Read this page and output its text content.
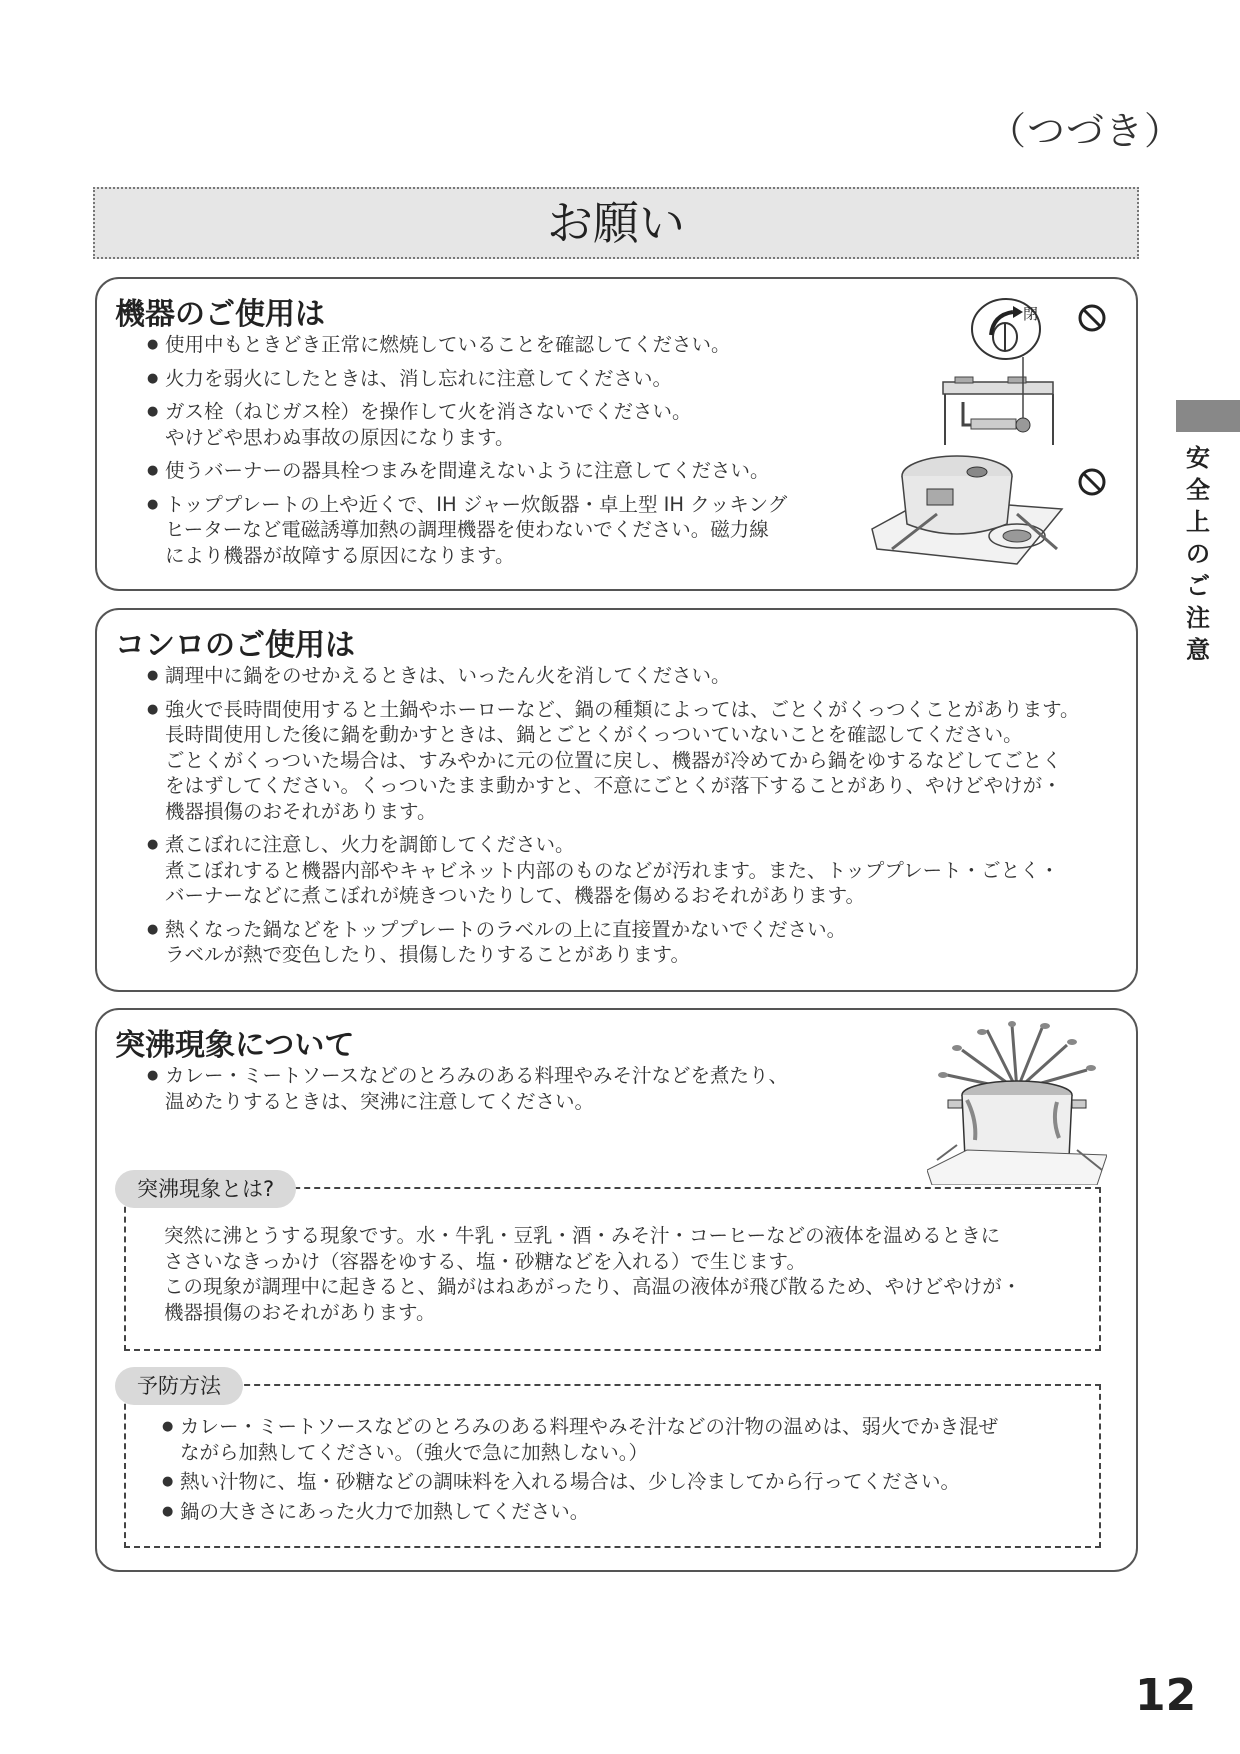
（つづき）
お願い
機器のご使用は
● 使用中もときどき正常に燃焼していることを確認してください。
● 火力を弱火にしたときは、消し忘れに注意してください。
● ガス栓（ねじガス栓）を操作して火を消さないでください。
やけどや思わぬ事故の原因になります。
● 使うバーナーの器具栓つまみを間違えないように注意してください。
● トッププレートの上や近くで、IH ジャー炊飯器・卓上型 IH クッキング
ヒーターなど電磁誘導加熱の調理機器を使わないでください。磁力線
により機器が故障する原因になります。
閉
コンロのご使用は
● 調理中に鍋をのせかえるときは、いったん火を消してください。
● 強火で長時間使用すると土鍋やホーローなど、鍋の種類によっては、ごとくがくっつくことがあります。
長時間使用した後に鍋を動かすときは、鍋とごとくがくっついていないことを確認してください。
ごとくがくっついた場合は、すみやかに元の位置に戻し、機器が冷めてから鍋をゆするなどしてごとく
をはずしてください。くっついたまま動かすと、不意にごとくが落下することがあり、やけどやけが・
機器損傷のおそれがあります。
● 煮こぼれに注意し、火力を調節してください。
煮こぼれすると機器内部やキャビネット内部のものなどが汚れます。また、トッププレート・ごとく・
バーナーなどに煮こぼれが焼きついたりして、機器を傷めるおそれがあります。
● 熱くなった鍋などをトッププレートのラベルの上に直接置かないでください。
ラベルが熱で変色したり、損傷したりすることがあります。
突沸現象について
● カレー・ミートソースなどのとろみのある料理やみそ汁などを煮たり、
温めたりするときは、突沸に注意してください。
突然に沸とうする現象です。水・牛乳・豆乳・酒・みそ汁・コーヒーなどの液体を温めるときに
ささいなきっかけ（容器をゆする、塩・砂糖などを入れる）で生じます。
この現象が調理中に起きると、鍋がはねあがったり、高温の液体が飛び散るため、やけどやけが・
機器損傷のおそれがあります。
突沸現象とは?
● カレー・ミートソースなどのとろみのある料理やみそ汁などの汁物の温めは、弱火でかき混ぜ
ながら加熱してください。（強火で急に加熱しない。）
● 熱い汁物に、塩・砂糖などの調味料を入れる場合は、少し冷ましてから行ってください。
● 鍋の大きさにあった火力で加熱してください。
予防方法
安全上のご注意
12
